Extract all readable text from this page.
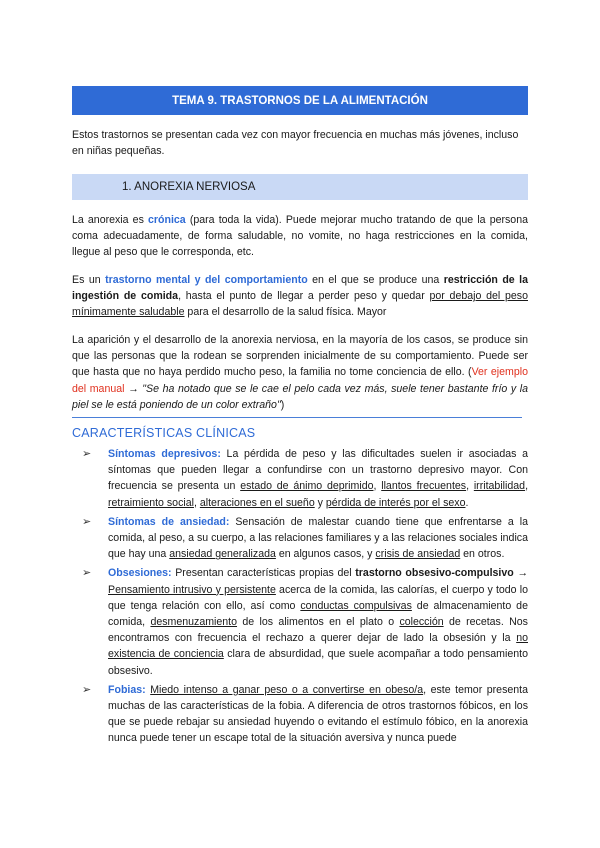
TEMA 9. TRASTORNOS DE LA ALIMENTACIÓN
Estos trastornos se presentan cada vez con mayor frecuencia en muchas más jóvenes, incluso en niñas pequeñas.
1. ANOREXIA NERVIOSA
La anorexia es crónica (para toda la vida). Puede mejorar mucho tratando de que la persona coma adecuadamente, de forma saludable, no vomite, no haga restricciones en la comida, llegue al peso que le corresponda, etc.
Es un trastorno mental y del comportamiento en el que se produce una restricción de la ingestión de comida, hasta el punto de llegar a perder peso y quedar por debajo del peso mínimamente saludable para el desarrollo de la salud física. Mayor
La aparición y el desarrollo de la anorexia nerviosa, en la mayoría de los casos, se produce sin que las personas que la rodean se sorprenden inicialmente de su comportamiento. Puede ser que hasta que no haya perdido mucho peso, la familia no tome conciencia de ello. (Ver ejemplo del manual → "Se ha notado que se le cae el pelo cada vez más, suele tener bastante frío y la piel se le está poniendo de un color extraño")
CARACTERÍSTICAS CLÍNICAS
➢	Síntomas depresivos: La pérdida de peso y las dificultades suelen ir asociadas a síntomas que pueden llegar a confundirse con un trastorno depresivo mayor. Con frecuencia se presenta un estado de ánimo deprimido, llantos frecuentes, irritabilidad, retraimiento social, alteraciones en el sueño y pérdida de interés por el sexo.
➢	Síntomas de ansiedad: Sensación de malestar cuando tiene que enfrentarse a la comida, al peso, a su cuerpo, a las relaciones familiares y a las relaciones sociales indica que hay una ansiedad generalizada en algunos casos, y crisis de ansiedad en otros.
➢	Obsesiones: Presentan características propias del trastorno obsesivo-compulsivo → Pensamiento intrusivo y persistente acerca de la comida, las calorías, el cuerpo y todo lo que tenga relación con ello, así como conductas compulsivas de almacenamiento de comida, desmenuzamiento de los alimentos en el plato o colección de recetas. Nos encontramos con frecuencia el rechazo a querer dejar de lado la obsesión y la no existencia de conciencia clara de absurdidad, que suele acompañar a todo pensamiento obsesivo.
➢	Fobias: Miedo intenso a ganar peso o a convertirse en obeso/a, este temor presenta muchas de las características de la fobia. A diferencia de otros trastornos fóbicos, en los que se puede rebajar su ansiedad huyendo o evitando el estímulo fóbico, en la anorexia nunca puede tener un escape total de la situación aversiva y nunca puede
